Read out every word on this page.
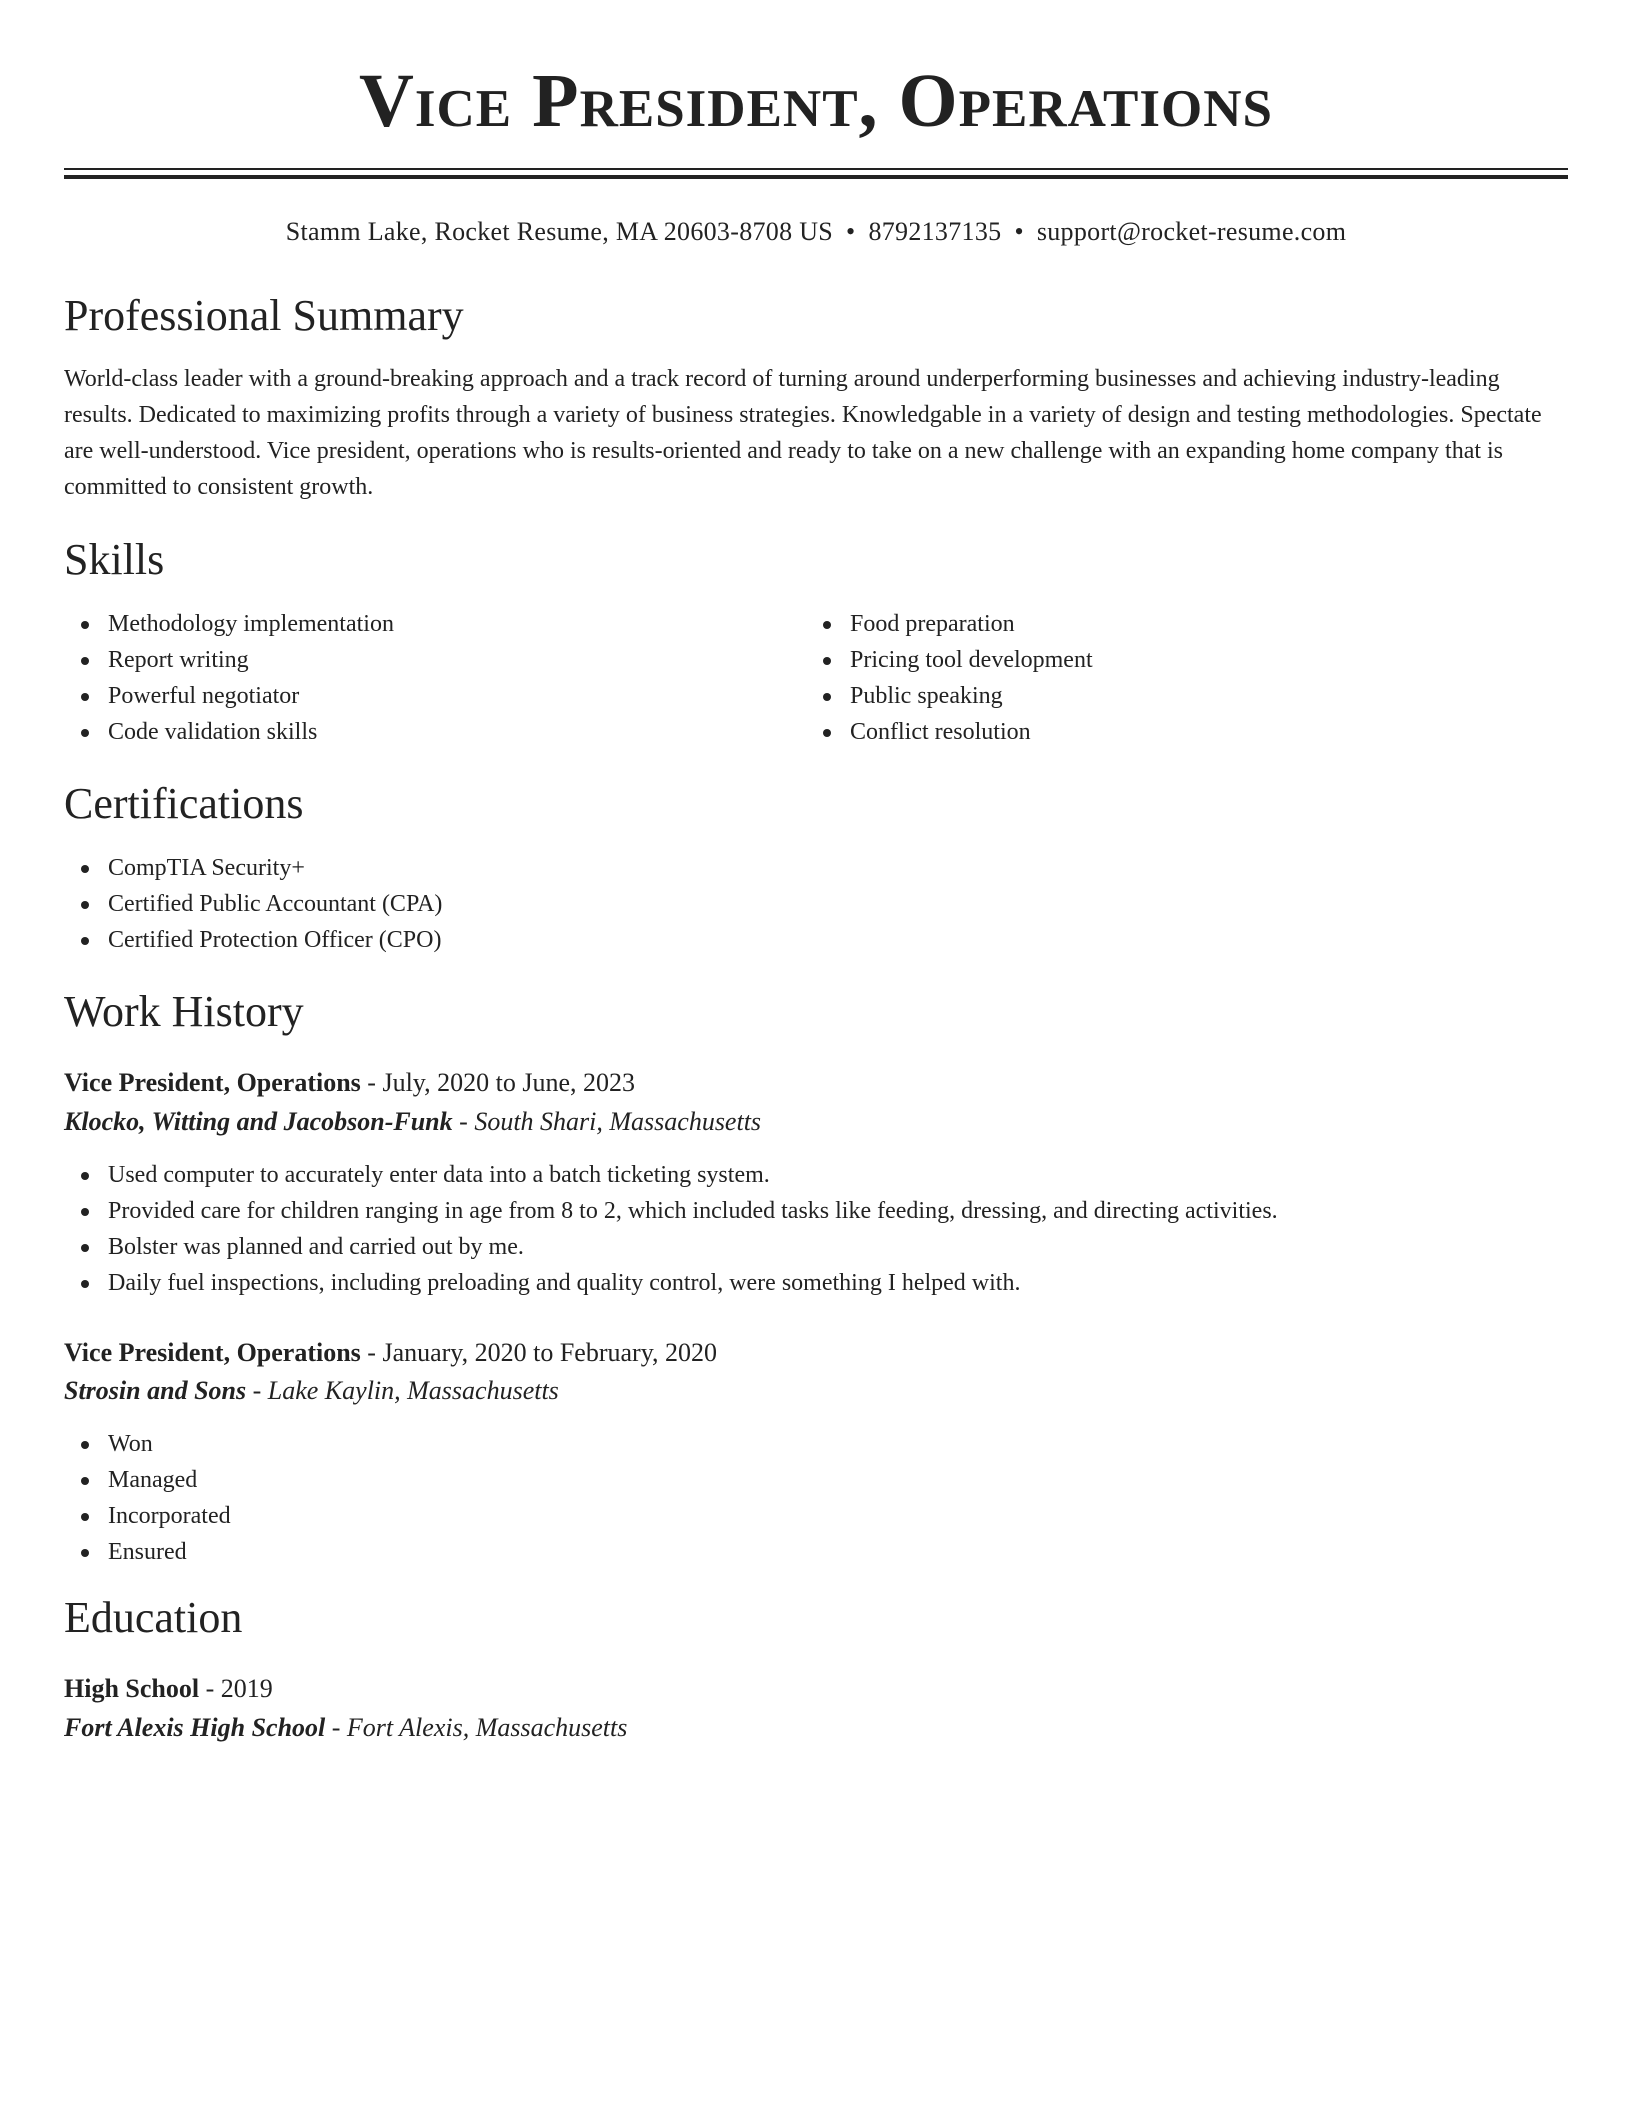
Vice President, Operations
Stamm Lake, Rocket Resume, MA 20603-8708 US • 8792137135 • support@rocket-resume.com
Professional Summary

World-class leader with a ground-breaking approach and a track record of turning around underperforming businesses and achieving industry-leading results. Dedicated to maximizing profits through a variety of business strategies. Knowledgable in a variety of design and testing methodologies. Spectate are well-understood. Vice president, operations who is results-oriented and ready to take on a new challenge with an expanding home company that is committed to consistent growth.

Skills
Methodology implementation
Report writing
Powerful negotiator
Code validation skills
Food preparation
Pricing tool development
Public speaking
Conflict resolution
Certifications
CompTIA Security+
Certified Public Accountant (CPA)
Certified Protection Officer (CPO)
Work History
Vice President, Operations - July, 2020 to June, 2023
Klocko, Witting and Jacobson-Funk - South Shari, Massachusetts
Used computer to accurately enter data into a batch ticketing system.
Provided care for children ranging in age from 8 to 2, which included tasks like feeding, dressing, and directing activities.
Bolster was planned and carried out by me.
Daily fuel inspections, including preloading and quality control, were something I helped with.
Vice President, Operations - January, 2020 to February, 2020
Strosin and Sons - Lake Kaylin, Massachusetts
Won
Managed
Incorporated
Ensured
Education
High School - 2019
Fort Alexis High School - Fort Alexis, Massachusetts
